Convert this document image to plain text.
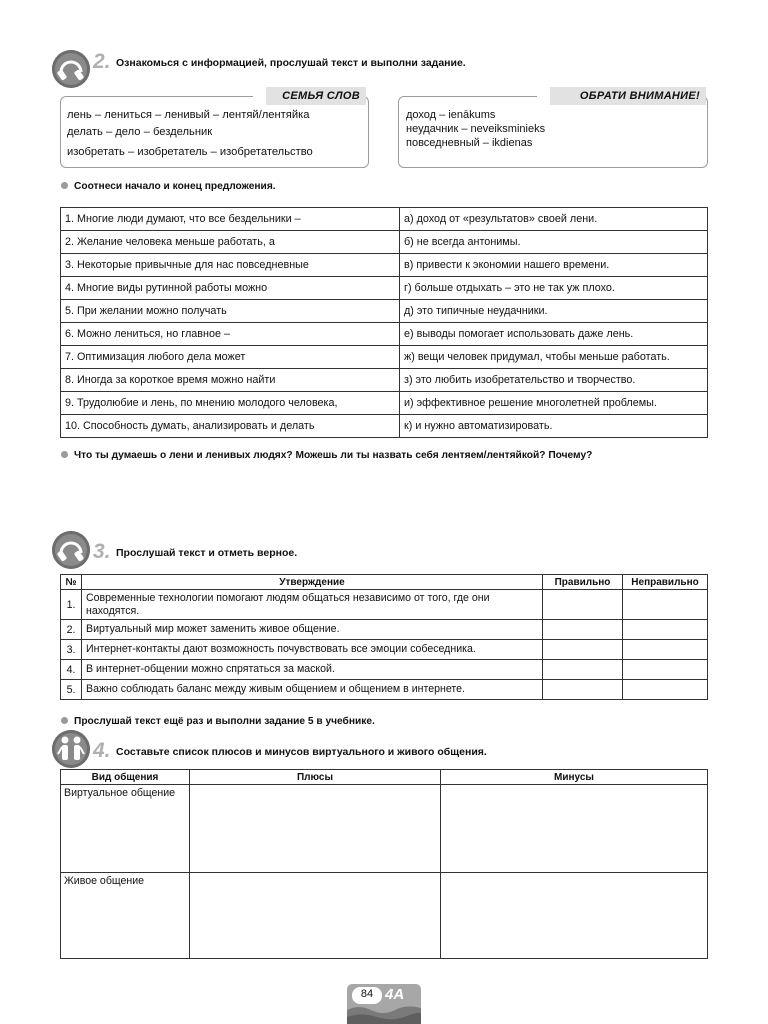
2. Ознакомься с информацией, прослушай текст и выполни задание.
СЕМЬЯ СЛОВ
лень – лениться – ленивый – лентяй/лентяйка
делать – дело – бездельник
изобретать – изобретатель – изобретательство
ОБРАТИ ВНИМАНИЕ!
доход – ienākums
неудачник – neveiksminieks
повседневный – ikdienas
Соотнеси начало и конец предложения.
1. Многие люди думают, что все бездельники –	а) доход от «результатов» своей лени.
2. Желание человека меньше работать, а	б) не всегда антонимы.
3. Некоторые привычные для нас повседневные	в) привести к экономии нашего времени.
4. Многие виды рутинной работы можно	г) больше отдыхать – это не так уж плохо.
5. При желании можно получать	д) это типичные неудачники.
6. Можно лениться, но главное –	е) выводы помогает использовать даже лень.
7. Оптимизация любого дела может	ж) вещи человек придумал, чтобы меньше работать.
8. Иногда за короткое время можно найти	з) это любить изобретательство и творчество.
9. Трудолюбие и лень, по мнению молодого человека,	и) эффективное решение многолетней проблемы.
10. Способность думать, анализировать и делать	к) и нужно автоматизировать.
Что ты думаешь о лени и ленивых людях? Можешь ли ты назвать себя лентяем/лентяйкой? Почему?
3. Прослушай текст и отметь верное.
№	Утверждение	Правильно	Неправильно
1.	Современные технологии помогают людям общаться независимо от того, где они находятся.		
2.	Виртуальный мир может заменить живое общение.		
3.	Интернет-контакты дают возможность почувствовать все эмоции собеседника.		
4.	В интернет-общении можно спрятаться за маской.		
5.	Важно соблюдать баланс между живым общением и общением в интернете.		
Прослушай текст ещё раз и выполни задание 5 в учебнике.
4. Составьте список плюсов и минусов виртуального и живого общения.
Вид общения	Плюсы	Минусы
Виртуальное общение		
Живое общение		
84 4A
